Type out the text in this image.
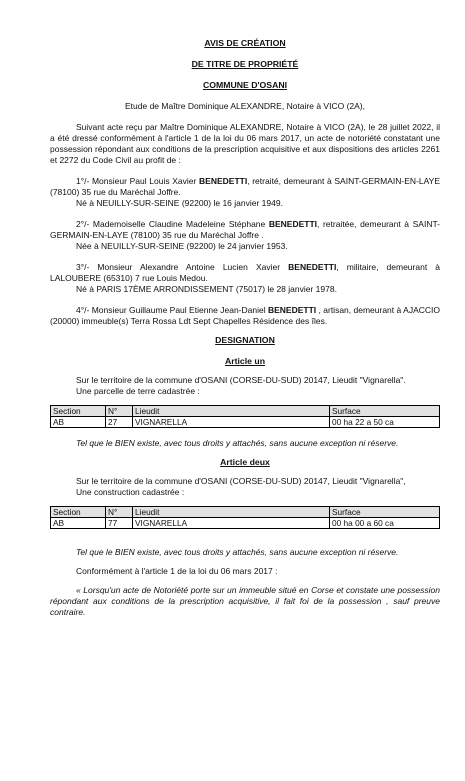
AVIS DE CRÉATION
DE TITRE DE PROPRIÉTÉ
COMMUNE D'OSANI
Etude de Maître Dominique ALEXANDRE, Notaire à VICO (2A),
Suivant acte reçu par Maître Dominique ALEXANDRE, Notaire à VICO (2A), le 28 juillet 2022, il a été dressé conformément à l'article 1 de la loi du 06 mars 2017, un acte de notoriété constatant une possession répondant aux conditions de la prescription acquisitive et aux dispositions des articles 2261 et 2272 du Code Civil au profit de :
1°/- Monsieur Paul Louis Xavier BENEDETTI, retraité, demeurant à SAINT-GERMAIN-EN-LAYE (78100) 35 rue du Maréchal Joffre.
Né à NEUILLY-SUR-SEINE (92200) le 16 janvier 1949.
2°/- Mademoiselle Claudine Madeleine Stéphane BENEDETTI, retraitée, demeurant à SAINT-GERMAIN-EN-LAYE (78100) 35 rue du Maréchal Joffre .
Née à NEUILLY-SUR-SEINE (92200) le 24 janvier 1953.
3°/- Monsieur Alexandre Antoine Lucien Xavier BENEDETTI, militaire, demeurant à LALOUBERE (65310) 7 rue Louis Medou.
Né à PARIS 17ÈME ARRONDISSEMENT (75017) le 28 janvier 1978.
4°/- Monsieur Guillaume Paul Etienne Jean-Daniel BENEDETTI , artisan, demeurant à AJACCIO (20000) immeuble(s) Terra Rossa Ldt Sept Chapelles Résidence des îles.
DESIGNATION
Article un
Sur le territoire de la commune d'OSANI (CORSE-DU-SUD) 20147, Lieudit "Vignarella".
Une parcelle de terre cadastrée :
Section	N°	Lieudit	Surface
AB	27	VIGNARELLA	00 ha 22 a 50 ca
Tel que le BIEN existe, avec tous droits y attachés, sans aucune exception ni réserve.
Article deux
Sur le territoire de la commune d'OSANI (CORSE-DU-SUD) 20147, Lieudit "Vignarella",
Une construction cadastrée :
Section	N°	Lieudit	Surface
AB	77	VIGNARELLA	00 ha 00 a 60 ca
Tel que le BIEN existe, avec tous droits y attachés, sans aucune exception ni réserve.
Conformément à l'article 1 de la loi du 06 mars 2017 :
« Lorsqu'un acte de Notoriété porte sur un immeuble situé en Corse et constate une possession répondant aux conditions de la prescription acquisitive, il fait foi de la possession , sauf preuve contraire.
